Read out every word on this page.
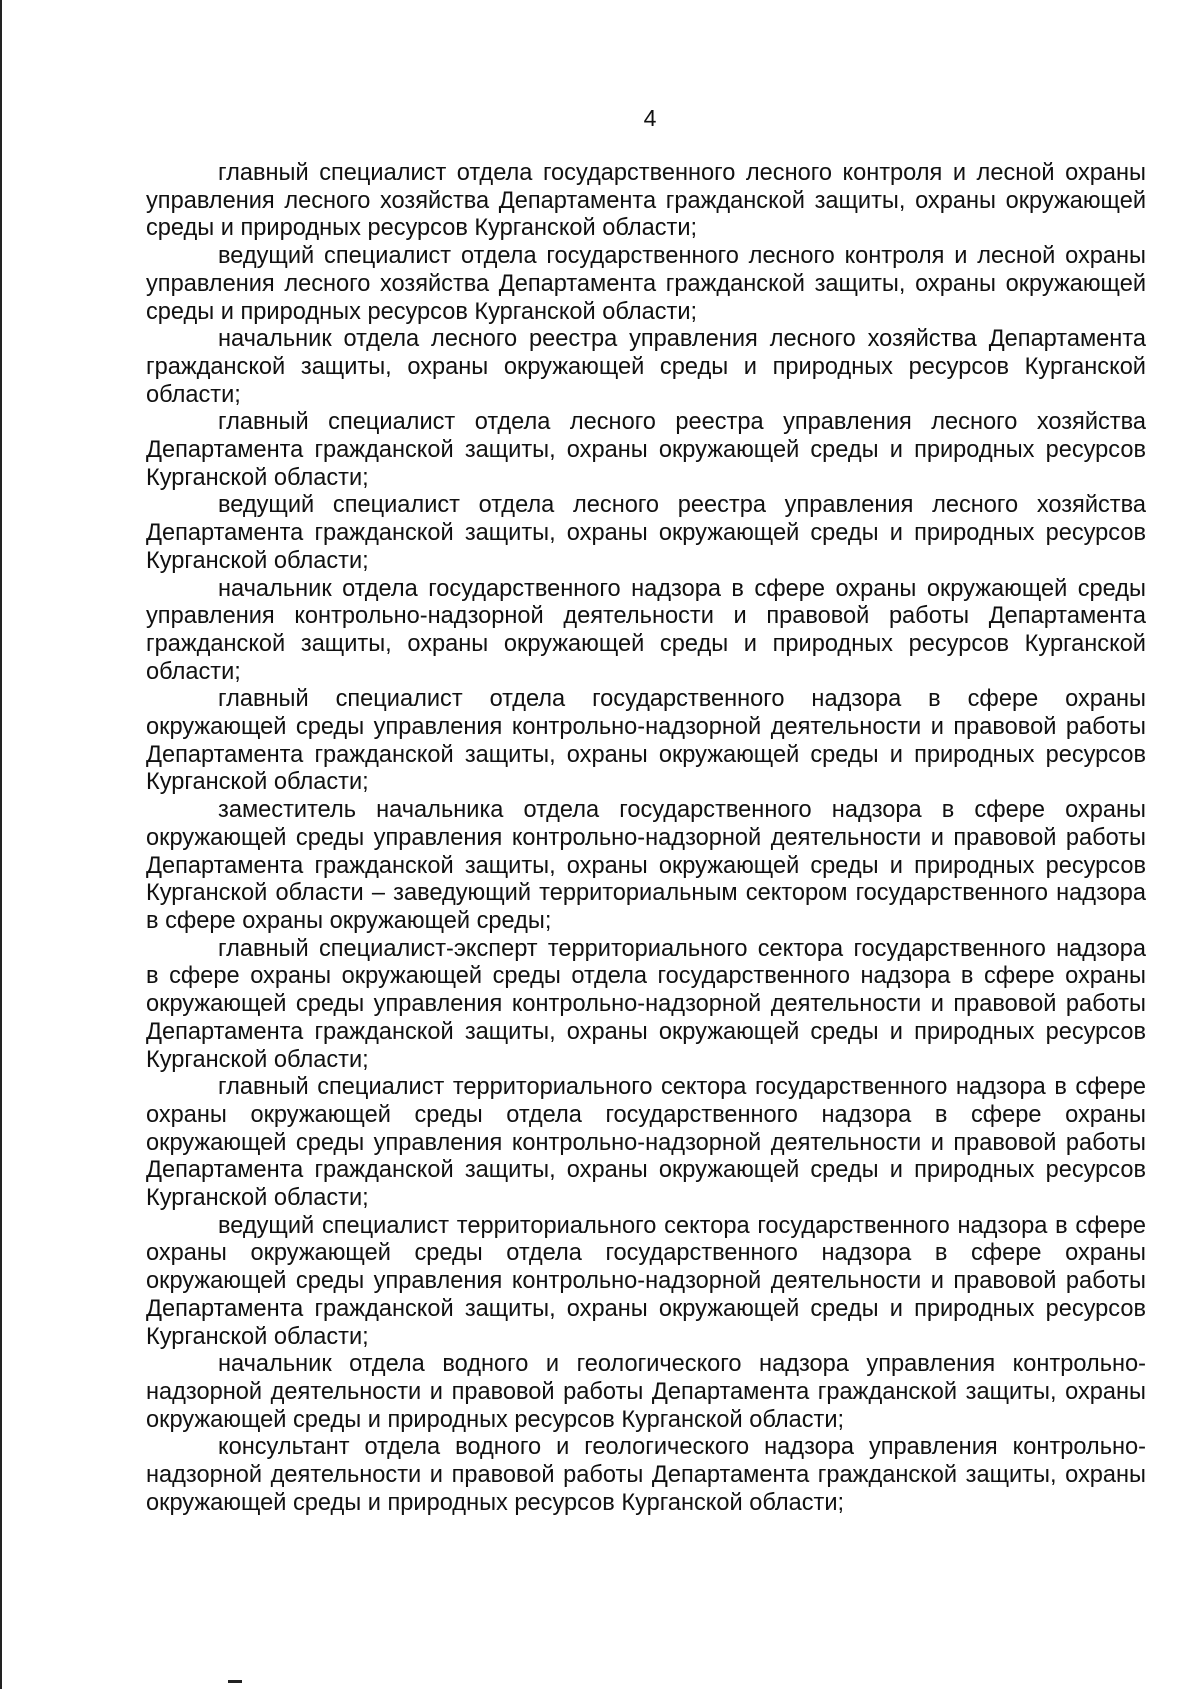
4

главный специалист отдела государственного лесного контроля и лесной охраны управления лесного хозяйства Департамента гражданской защиты, охраны окружающей среды и природных ресурсов Курганской области;

ведущий специалист отдела государственного лесного контроля и лесной охраны управления лесного хозяйства Департамента гражданской защиты, охраны окружающей среды и природных ресурсов Курганской области;

начальник отдела лесного реестра управления лесного хозяйства Департамента гражданской защиты, охраны окружающей среды и природных ресурсов Курганской области;

главный специалист отдела лесного реестра управления лесного хозяйства Департамента гражданской защиты, охраны окружающей среды и природных ресурсов Курганской области;

ведущий специалист отдела лесного реестра управления лесного хозяйства Департамента гражданской защиты, охраны окружающей среды и природных ресурсов Курганской области;

начальник отдела государственного надзора в сфере охраны окружающей среды управления контрольно-надзорной деятельности и правовой работы Департамента гражданской защиты, охраны окружающей среды и природных ресурсов Курганской области;

главный специалист отдела государственного надзора в сфере охраны окружающей среды управления контрольно-надзорной деятельности и правовой работы Департамента гражданской защиты, охраны окружающей среды и природных ресурсов Курганской области;

заместитель начальника отдела государственного надзора в сфере охраны окружающей среды управления контрольно-надзорной деятельности и правовой работы Департамента гражданской защиты, охраны окружающей среды и природных ресурсов Курганской области – заведующий территориальным сектором государственного надзора в сфере охраны окружающей среды;

главный специалист-эксперт территориального сектора государственного надзора в сфере охраны окружающей среды отдела государственного надзора в сфере охраны окружающей среды управления контрольно-надзорной деятельности и правовой работы Департамента гражданской защиты, охраны окружающей среды и природных ресурсов Курганской области;

главный специалист территориального сектора государственного надзора в сфере охраны окружающей среды отдела государственного надзора в сфере охраны окружающей среды управления контрольно-надзорной деятельности и правовой работы Департамента гражданской защиты, охраны окружающей среды и природных ресурсов Курганской области;

ведущий специалист территориального сектора государственного надзора в сфере охраны окружающей среды отдела государственного надзора в сфере охраны окружающей среды управления контрольно-надзорной деятельности и правовой работы Департамента гражданской защиты, охраны окружающей среды и природных ресурсов Курганской области;

начальник отдела водного и геологического надзора управления контрольно-надзорной деятельности и правовой работы Департамента гражданской защиты, охраны окружающей среды и природных ресурсов Курганской области;

консультант отдела водного и геологического надзора управления контрольно-надзорной деятельности и правовой работы Департамента гражданской защиты, охраны окружающей среды и природных ресурсов Курганской области;
